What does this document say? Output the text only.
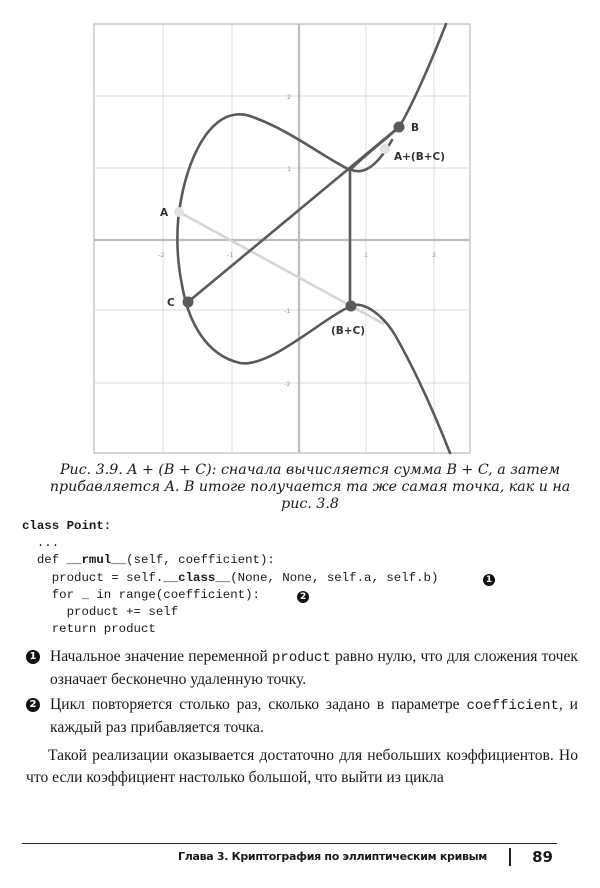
-2	-1	1	2
2
1
-1
-2
B
A+(B+C)
A
C
(B+C)
Рис. 3.9. A + (B + C): сначала вычисляется сумма B + C, а затем прибавляется A. В итоге получается та же самая точка, как и на рис. 3.8
class Point:
...
def __rmul__(self, coefficient):
product = self.__class__(None, None, self.a, self.b)      1
for _ in range(coefficient):     2
product += self
return product
1 Начальное значение переменной product равно нулю, что для сложения точек означает бесконечно удаленную точку.
2 Цикл повторяется столько раз, сколько задано в параметре coefficient, и каждый раз прибавляется точка.
Такой реализации оказывается достаточно для небольших коэффициентов. Но что если коэффициент настолько большой, что выйти из цикла
Глава 3. Криптография по эллиптическим кривым	89
